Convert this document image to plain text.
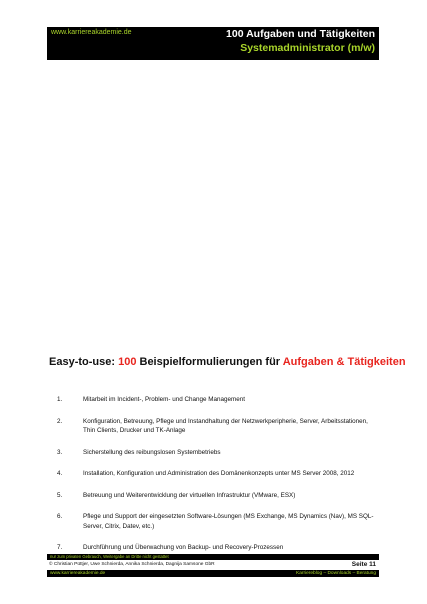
www.karriereakademie.de	100 Aufgaben und Tätigkeiten
Systemadministrator (m/w)
Easy-to-use: 100 Beispielformulierungen für Aufgaben & Tätigkeiten
1.	Mitarbeit im Incident-, Problem- und Change Management
2.	Konfiguration, Betreuung, Pflege und Instandhaltung der Netzwerkperipherie, Server, Arbeitsstationen, Thin Clients, Drucker und TK-Anlage
3.	Sicherstellung des reibungslosen Systembetriebs
4.	Installation, Konfiguration und Administration des Domänenkonzepts unter MS Server 2008, 2012
5.	Betreuung und Weiterentwicklung der virtuellen Infrastruktur (VMware, ESX)
6.	Pflege und Support der eingesetzten Software-Lösungen (MS Exchange, MS Dynamics (Nav), MS SQL-Server, Citrix, Datev, etc.)
7.	Durchführung und Überwachung von Backup- und Recovery-Prozessen
nur zum privaten Gebrauch, Weitergabe an Dritte nicht gestattet
© Christian Püttjer, Uwe Schnierda, Annika Schnierda, Dagnija Samsone GbR	Seite 11
www.karriereakademie.de	Karriereblog – Downloads – Beratung
